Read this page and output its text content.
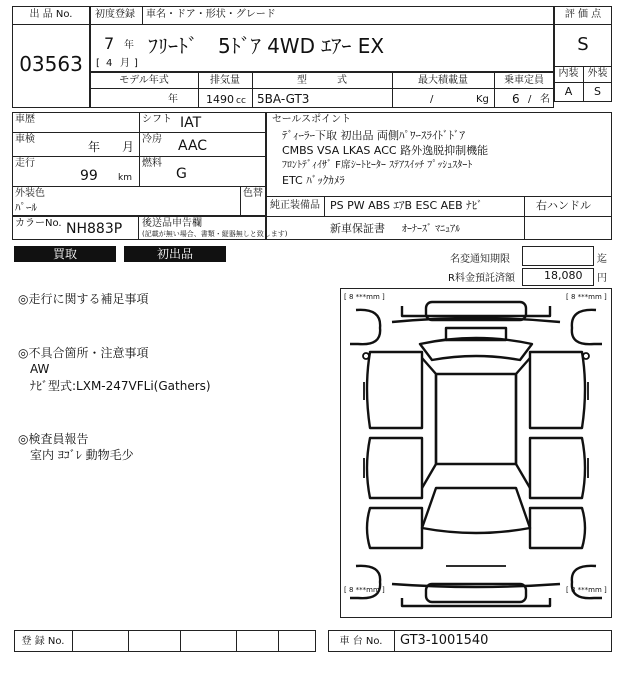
出 品 No.
03563
初度登録 車名・ドア・形状・グレード
7 年
[ 4 月 ]
ﾌﾘｰﾄﾞ　5ﾄﾞｱ 4WD ｴｱｰ EX
評 価 点
S
内装 外装
A	S
モデル年式	排気量	型　　　式	最大積載量	乗車定員
年	1490 cc 5BA-GT3	/	Kg 6 / 名
車歴	シフト IAT
車検
年 月
冷房 AAC
走行
99 km
燃料
G
外装色
ﾊﾟｰﾙ
色替
カラーNo. NH883P 後送品申告欄
(記載が無い場合、書類・縦器無しと致します)
セールスポイント
ﾃﾞｨｰﾗｰ下取 初出品 両側ﾊﾟﾜｰｽﾗｲﾄﾞﾄﾞｱ
CMBS VSA LKAS ACC 路外逸脱抑制機能
ﾌﾛﾝﾄﾃﾞｨｲｻﾞ F席ｼｰﾄﾋｰﾀｰ ｽﾃｱｽｲｯﾁ ﾌﾟｯｼｭｽﾀｰﾄ
ETC ﾊﾞｯｸｶﾒﾗ
純正装備品 PS PW ABS ｴｱB ESC AEB ﾅﾋﾞ	右ハンドル
新車保証書 ｵｰﾅｰｽﾞ ﾏﾆｭｱﾙ
買取	初出品	名変通知期限	迄
R料金預託済額	18,080 円
◎走行に関する補足事項
◎不具合箇所・注意事項
AW
ﾅﾋﾞ型式:LXM-247VFLi(Gathers)
◎検査員報告
室内 ﾖｺﾞﾚ 動物毛少
[ 8 ***mm ]	[ 8 ***mm ]
[ 8 ***mm ]	[ 8 ***mm ]
登 録 No.	車 台 No.	GT3-1001540
